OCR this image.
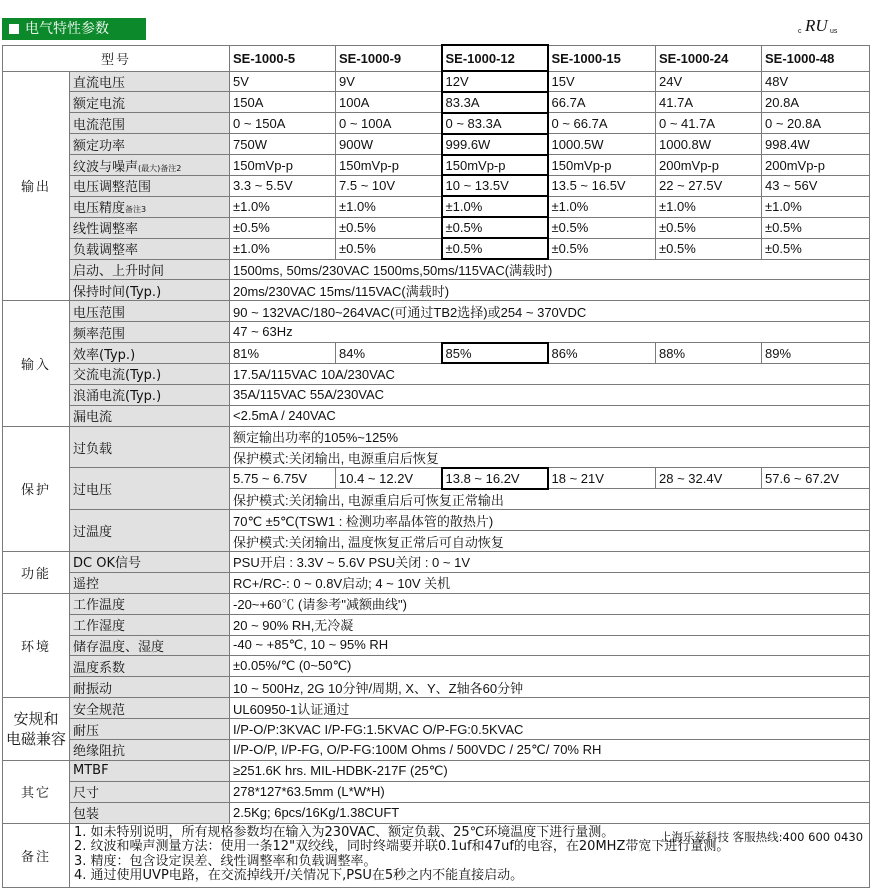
电气特性参数	c RU us
型号		SE-1000-5	SE-1000-9	SE-1000-12	SE-1000-15	SE-1000-24	SE-1000-48
输出	直流电压	5V	9V	12V	15V	24V	48V
	额定电流	150A	100A	83.3A	66.7A	41.7A	20.8A
	电流范围	0 ~ 150A	0 ~ 100A	0 ~ 83.3A	0 ~ 66.7A	0 ~ 41.7A	0 ~ 20.8A
	额定功率	750W	900W	999.6W	1000.5W	1000.8W	998.4W
	纹波与噪声(最大)备注2	150mVp-p	150mVp-p	150mVp-p	150mVp-p	200mVp-p	200mVp-p
	电压调整范围	3.3 ~ 5.5V	7.5 ~ 10V	10 ~ 13.5V	13.5 ~ 16.5V	22 ~ 27.5V	43 ~ 56V
	电压精度备注3	±1.0%	±1.0%	±1.0%	±1.0%	±1.0%	±1.0%
	线性调整率	±0.5%	±0.5%	±0.5%	±0.5%	±0.5%	±0.5%
	负载调整率	±1.0%	±0.5%	±0.5%	±0.5%	±0.5%	±0.5%
	启动、上升时间	1500ms, 50ms/230VAC 1500ms,50ms/115VAC(满载时)					
	保持时间(Typ.)	20ms/230VAC 15ms/115VAC(满载时)					
输入	电压范围	90 ~ 132VAC/180~264VAC(可通过TB2选择)或254 ~ 370VDC					
	频率范围	47 ~ 63Hz					
	效率(Typ.)	81%	84%	85%	86%	88%	89%
	交流电流(Typ.)	17.5A/115VAC 10A/230VAC					
	浪涌电流(Typ.)	35A/115VAC 55A/230VAC					
	漏电流	<2.5mA / 240VAC					
保护	过负载	额定输出功率的105%~125%					
		保护模式:关闭输出, 电源重启后恢复					
	过电压	5.75 ~ 6.75V	10.4 ~ 12.2V	13.8 ~ 16.2V	18 ~ 21V	28 ~ 32.4V	57.6 ~ 67.2V
		保护模式:关闭输出, 电源重启后可恢复正常输出					
	过温度	70℃ ±5℃(TSW1 : 检测功率晶体管的散热片)					
		保护模式:关闭输出, 温度恢复正常后可自动恢复					
功能	DC OK信号	PSU开启 : 3.3V ~ 5.6V PSU关闭 : 0 ~ 1V					
	遥控	RC+/RC-: 0 ~ 0.8V启动; 4 ~ 10V 关机					
环境	工作温度	-20~+60℃ (请参考"减额曲线")					
	工作湿度	20 ~ 90% RH,无冷凝					
	储存温度、湿度	-40 ~ +85℃, 10 ~ 95% RH					
	温度系数	±0.05%/℃ (0~50℃)					
	耐振动	10 ~ 500Hz, 2G 10分钟/周期, X、Y、Z轴各60分钟					
安规和
电磁兼容	安全规范	UL60950-1认证通过					
	耐压	I/P-O/P:3KVAC I/P-FG:1.5KVAC O/P-FG:0.5KVAC					
	绝缘阻抗	I/P-O/P, I/P-FG, O/P-FG:100M Ohms / 500VDC / 25℃/ 70% RH					
其它	MTBF	≥251.6K hrs. MIL-HDBK-217F (25℃)					
	尺寸	278*127*63.5mm (L*W*H)					
	包装	2.5Kg; 6pcs/16Kg/1.38CUFT					
备注	1. 如未特别说明，所有规格参数均在输入为230VAC、额定负载、25℃环境温度下进行量测。
2. 纹波和噪声测量方法：使用一条12"双绞线，同时终端要并联0.1uf和47uf的电容，在20MHZ带宽下进行量测。
3. 精度：包含设定误差、线性调整率和负载调整率。
4. 通过使用UVP电路，在交流掉线开/关情况下,PSU在5秒之内不能直接启动。
上海乐兹科技 客服热线:400 600 0430						
